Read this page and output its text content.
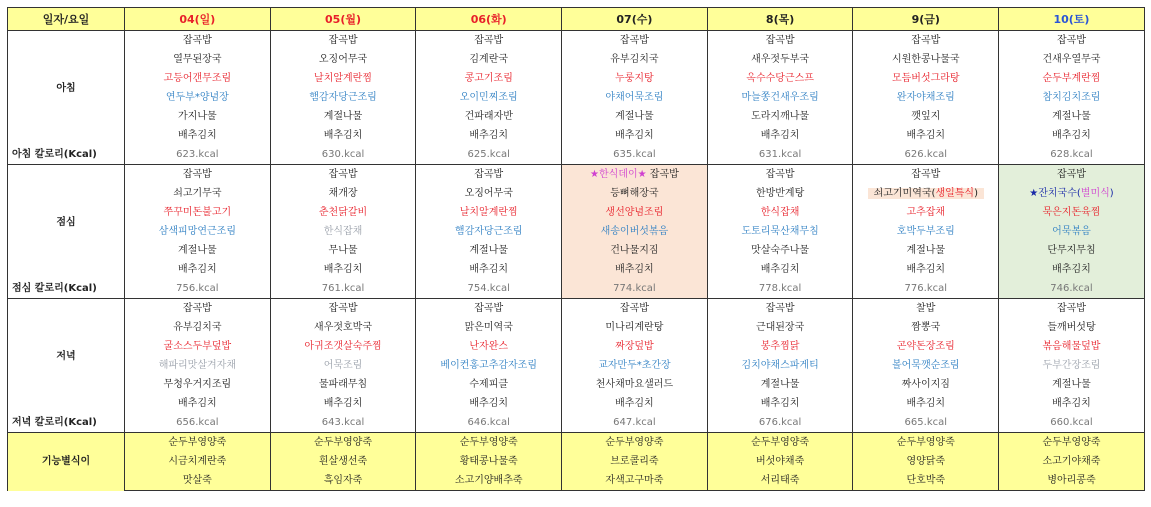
일자/요일	04(일)	05(월)	06(화)	07(수)	8(목)	9(금)	10(토)
아침	잡곡밥	잡곡밥	잡곡밥	잡곡밥	잡곡밥	잡곡밥	잡곡밥
	열무된장국	오징어무국	김계란국	유부김치국	새우젓두부국	시원한콩나물국	건새우열무국
	고등어갠무조림	날치알계란찜	콩고기조림	누룽지탕	옥수수당근스프	모듬버섯그라탕	순두부계란찜
	연두부*양념장	햄감자당근조림	오이민찌조림	야채어묵조림	마늘쫑건새우조림	완자야채조림	참치김치조림
	가지나물	계절나물	건파래자반	계절나물	도라지깨나물	깻잎지	계절나물
	배추김치	배추김치	배추김치	배추김치	배추김치	배추김치	배추김치
아침 칼로리(Kcal)	623.kcal	630.kcal	625.kcal	635.kcal	631.kcal	626.kcal	628.kcal
점심	잡곡밥	잡곡밥	잡곡밥	★한식데이★ 잡곡밥	잡곡밥	잡곡밥	잡곡밥
	쇠고기무국	채개장	오징어무국	등뼈해장국	한방반계탕	쇠고기미역국(생일특식)	★잔치국수(별미식)
	쭈꾸미돈불고기	춘천닭갈비	날치알계란찜	생선양념조림	한식잡채	고추잡채	묵은지돈육찜
	삼색피망연근조림	한식잡채	햄감자당근조림	새송이버섯볶음	도토리묵산채무침	호박두부조림	어묵볶음
	계절나물	무나물	계절나물	건나물지짐	맛살숙주나물	계절나물	단무지무침
	배추김치	배추김치	배추김치	배추김치	배추김치	배추김치	배추김치
점심 칼로리(Kcal)	756.kcal	761.kcal	754.kcal	774.kcal	778.kcal	776.kcal	746.kcal
저녁	잡곡밥	잡곡밥	잡곡밥	잡곡밥	잡곡밥	찰밥	잡곡밥
	유부김치국	새우젓호박국	맑은미역국	미나리계란탕	근대된장국	짬뽕국	들깨버섯탕
	굴소스두부덮밥	아귀조갯살숙주찜	난자완스	짜장덮밥	봉추찜닭	곤약돈장조림	볶음해물덮밥
	해파리맛살겨자채	어묵조림	베이컨홍고추감자조림	교자만두*초간장	김치야채스파게티	볼어묵깻순조림	두부간장조림
	무청우거지조림	물파래무침	수제피클	천사채마요샐러드	계절나물	짜사이지짐	계절나물
	배추김치	배추김치	배추김치	배추김치	배추김치	배추김치	배추김치
저녁 칼로리(Kcal)	656.kcal	643.kcal	646.kcal	647.kcal	676.kcal	665.kcal	660.kcal
기능별식이	순두부영양죽	순두부영양죽	순두부영양죽	순두부영양죽	순두부영양죽	순두부영양죽	순두부영양죽
	시금치계란죽	흰살생선죽	황태콩나물죽	브로콜리죽	버섯야채죽	영양닭죽	소고기야채죽
	맛살죽	흑임자죽	소고기양배추죽	자색고구마죽	서리태죽	단호박죽	병아리콩죽
